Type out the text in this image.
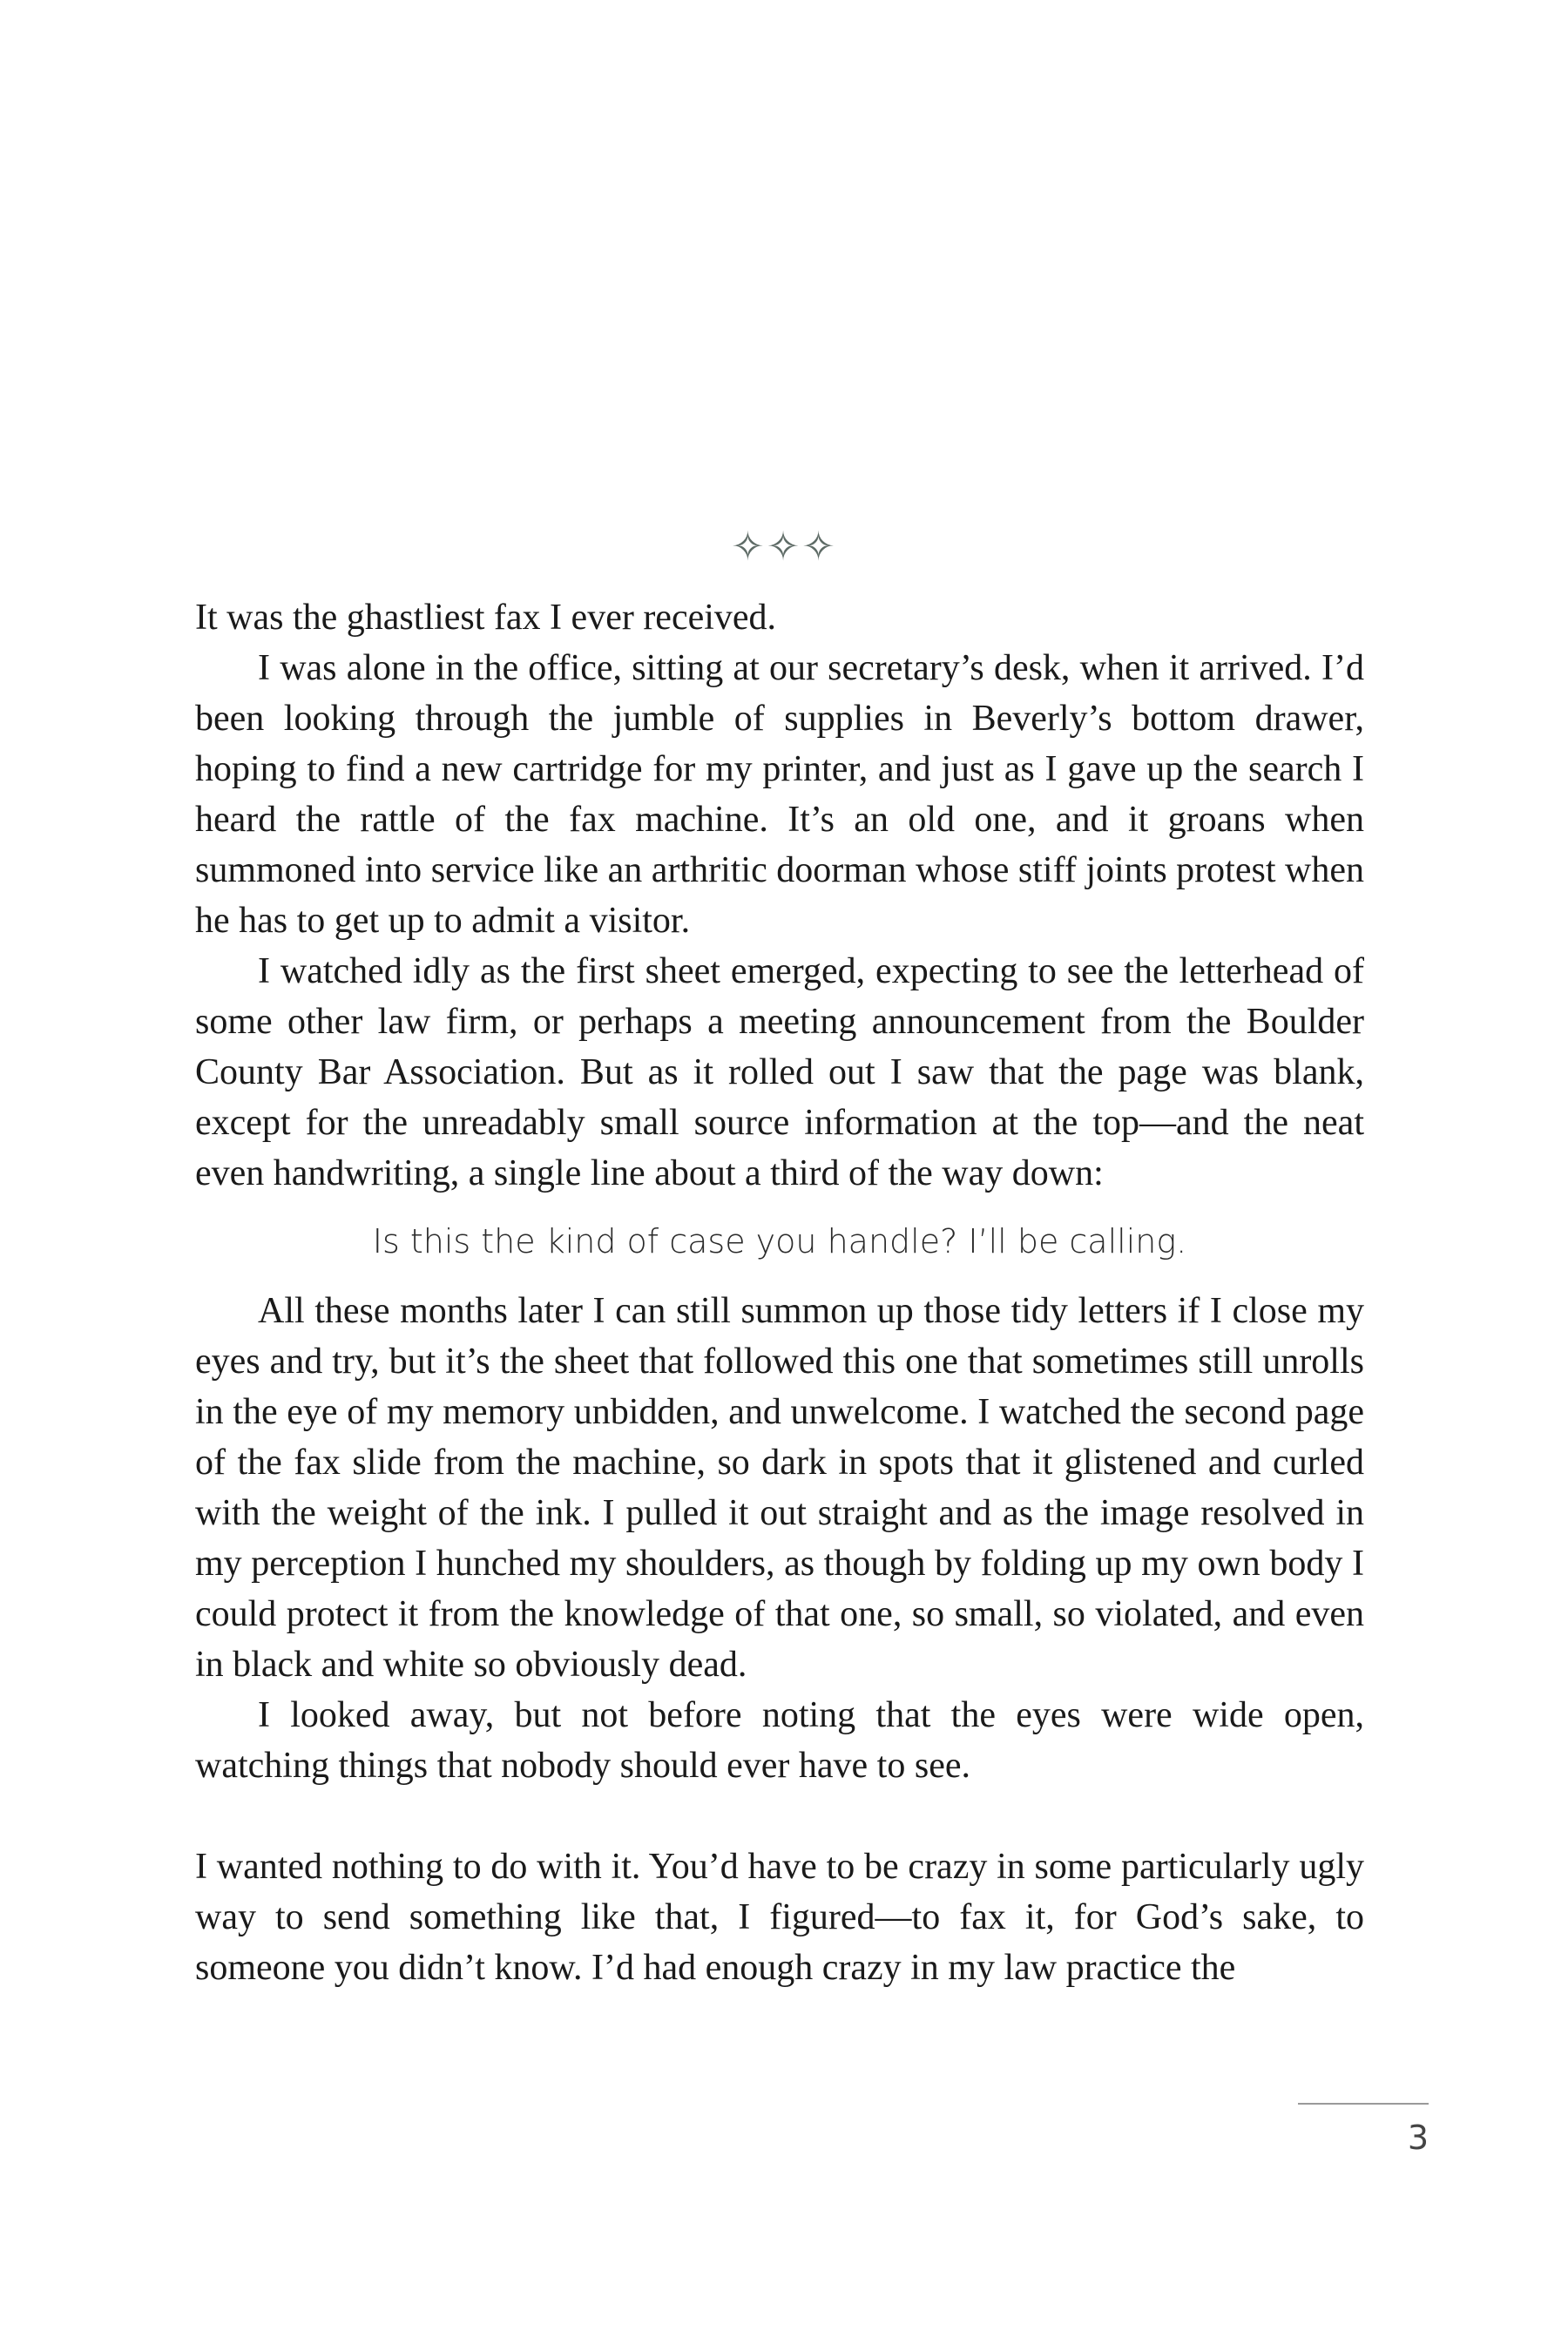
✧✧✧

It was the ghastliest fax I ever received.

I was alone in the office, sitting at our secretary’s desk, when it arrived. I’d been looking through the jumble of supplies in Beverly’s bottom drawer, hoping to find a new cartridge for my printer, and just as I gave up the search I heard the rattle of the fax machine. It’s an old one, and it groans when summoned into service like an arthritic doorman whose stiff joints protest when he has to get up to admit a visitor.

I watched idly as the first sheet emerged, expecting to see the letterhead of some other law firm, or perhaps a meeting announcement from the Boulder County Bar Association. But as it rolled out I saw that the page was blank, except for the unreadably small source information at the top—and the neat even handwriting, a single line about a third of the way down:

Is this the kind of case you handle? I’ll be calling.

All these months later I can still summon up those tidy letters if I close my eyes and try, but it’s the sheet that followed this one that sometimes still unrolls in the eye of my memory unbidden, and unwelcome. I watched the second page of the fax slide from the machine, so dark in spots that it glistened and curled with the weight of the ink. I pulled it out straight and as the image resolved in my perception I hunched my shoulders, as though by folding up my own body I could protect it from the knowledge of that one, so small, so violated, and even in black and white so obviously dead.

I looked away, but not before noting that the eyes were wide open, watching things that nobody should ever have to see.

I wanted nothing to do with it. You’d have to be crazy in some particularly ugly way to send something like that, I figured—to fax it, for God’s sake, to someone you didn’t know. I’d had enough crazy in my law practice the

3
